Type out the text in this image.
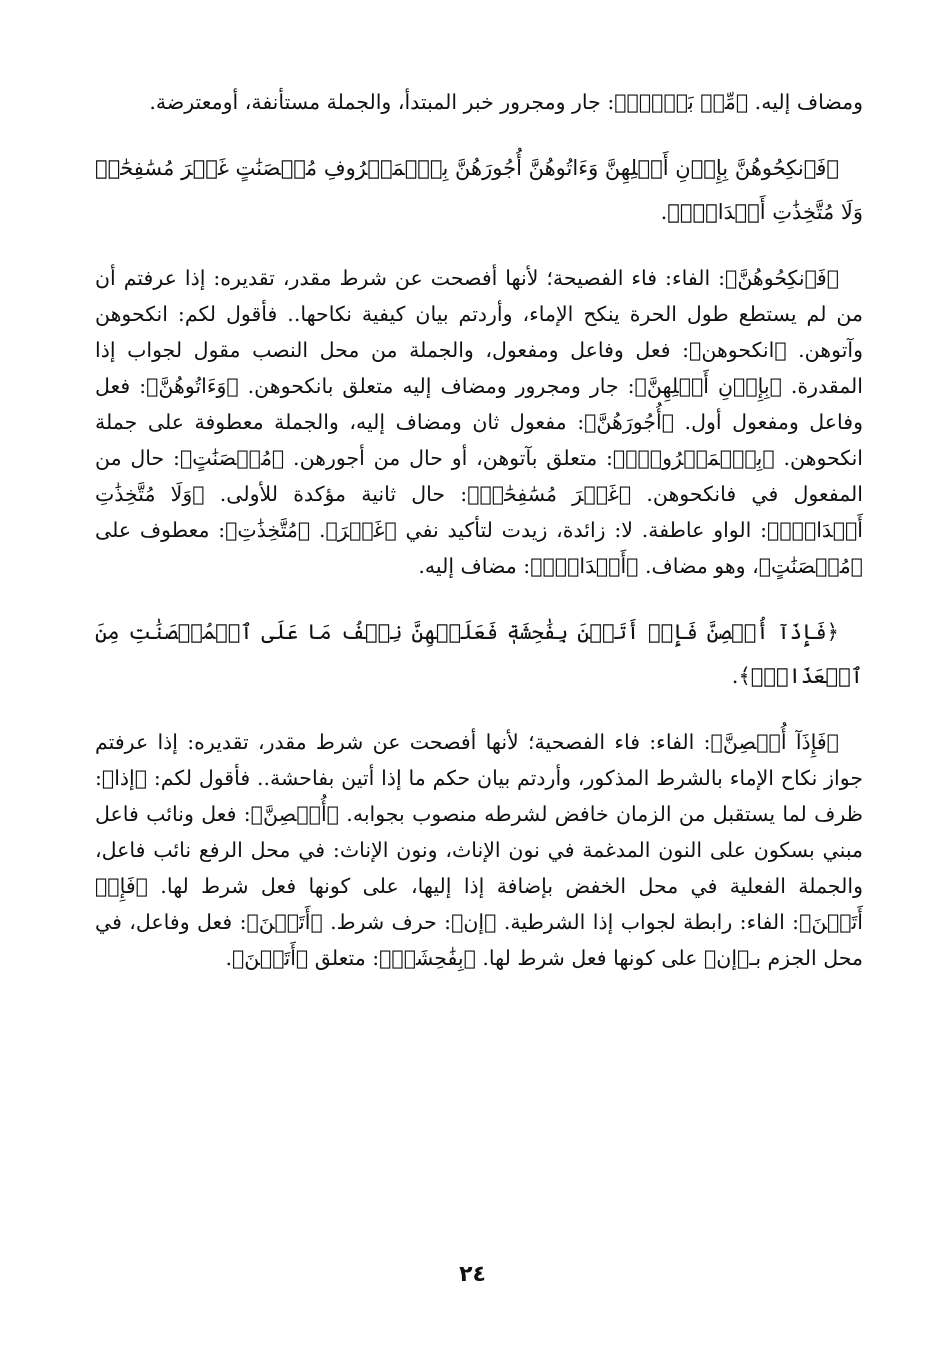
ومضاف إليه. ﴿مِّنۢ بَعۡضٖۚ﴾: جار ومجرور خبر المبتدأ، والجملة مستأنفة، أومعترضة.

﴿فَٱنكِحُوهُنَّ بِإِذۡنِ أَهۡلِهِنَّ وَءَاتُوهُنَّ أُجُورَهُنَّ بِٱلۡمَعۡرُوفِ مُحۡصَنَٰتٍ غَيۡرَ مُسَٰفِحَٰتٖ وَلَا مُتَّخِذَٰتِ أَخۡدَانٖۚ﴾.

﴿فَٱنكِحُوهُنَّ﴾: الفاء: فاء الفصيحة؛ لأنها أفصحت عن شرط مقدر، تقديره: إذا عرفتم أن من لم يستطع طول الحرة ينكح الإماء، وأردتم بيان كيفية نكاحها.. فأقول لكم: انكحوهن وآتوهن. ﴿انكحوهن﴾: فعل وفاعل ومفعول، والجملة من محل النصب مقول لجواب إذا المقدرة. ﴿بِإِذۡنِ أَهۡلِهِنَّ﴾: جار ومجرور ومضاف إليه متعلق بانكحوهن. ﴿وَءَاتُوهُنَّ﴾: فعل وفاعل ومفعول أول. ﴿أُجُورَهُنَّ﴾: مفعول ثان ومضاف إليه، والجملة معطوفة على جملة انكحوهن. ﴿بِٱلۡمَعۡرُوفِۚ﴾: متعلق بآتوهن، أو حال من أجورهن. ﴿مُحۡصَنَٰتٍ﴾: حال من المفعول في فانكحوهن. ﴿غَيۡرَ مُسَٰفِحَٰتٖ﴾: حال ثانية مؤكدة للأولى. ﴿وَلَا مُتَّخِذَٰتِ أَخۡدَانٖۚ﴾: الواو عاطفة. لا: زائدة، زيدت لتأكيد نفي ﴿غَيۡرَ﴾. ﴿مُتَّخِذَٰتِ﴾: معطوف على ﴿مُحۡصَنَٰتٍ﴾، وهو مضاف. ﴿أَخۡدَانٖۚ﴾: مضاف إليه.

﴿فَإِذَآ أُحۡصِنَّ فَإِنۡ أَتَيۡنَ بِفَٰحِشَةٖ فَعَلَيۡهِنَّ نِصۡفُ مَا عَلَى ٱلۡمُحۡصَنَٰتِ مِنَ ٱلۡعَذَابِۚ﴾.

﴿فَإِذَآ أُحۡصِنَّ﴾: الفاء: فاء الفصحية؛ لأنها أفصحت عن شرط مقدر، تقديره: إذا عرفتم جواز نكاح الإماء بالشرط المذكور، وأردتم بيان حكم ما إذا أتين بفاحشة.. فأقول لكم: ﴿إذا﴾: ظرف لما يستقبل من الزمان خافض لشرطه منصوب بجوابه. ﴿أُحۡصِنَّ﴾: فعل ونائب فاعل مبني بسكون على النون المدغمة في نون الإناث، ونون الإناث: في محل الرفع نائب فاعل، والجملة الفعلية في محل الخفض بإضافة إذا إليها، على كونها فعل شرط لها. ﴿فَإِنۡ أَتَيۡنَ﴾: الفاء: رابطة لجواب إذا الشرطية. ﴿إن﴾: حرف شرط. ﴿أَتَيۡنَ﴾: فعل وفاعل، في محل الجزم بـ﴿إن﴾ على كونها فعل شرط لها. ﴿بِفَٰحِشَةٖ﴾: متعلق ﴿أَتَيۡنَ﴾.

٢٤
